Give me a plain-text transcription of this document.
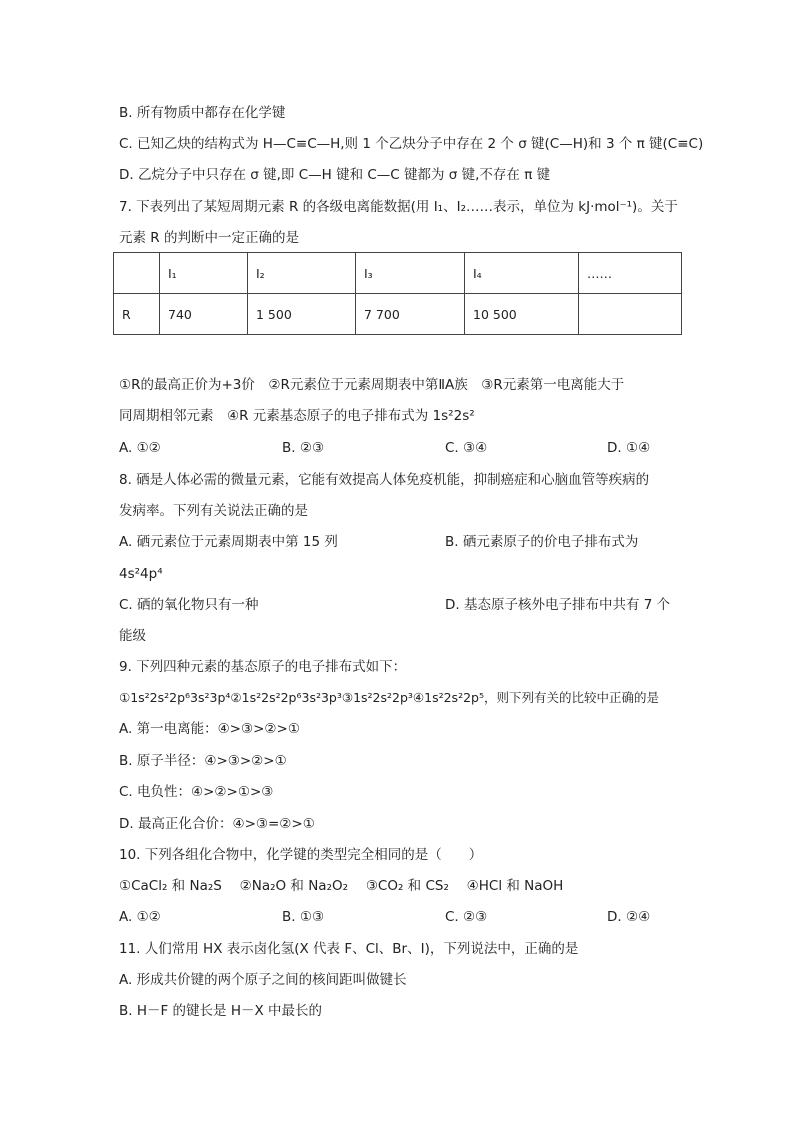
B. 所有物质中都存在化学键
C. 已知乙炔的结构式为 H—C≡C—H,则 1 个乙炔分子中存在 2 个 σ 键(C—H)和 3 个 π 键(C≡C)
D. 乙烷分子中只存在 σ 键,即 C—H 键和 C—C 键都为 σ 键,不存在 π 键
7. 下表列出了某短周期元素 R 的各级电离能数据(用 I₁、I₂……表示，单位为 kJ·mol⁻¹)。关于
元素 R 的判断中一定正确的是
	I₁	I₂	I₃	I₄	……
R	740	1 500	7 700	10 500	
①R的最高正价为+3价　②R元素位于元素周期表中第ⅡA族　③R元素第一电离能大于
同周期相邻元素　④R 元素基态原子的电子排布式为 1s²2s²
A. ①②	B. ②③	C. ③④	D. ①④
8. 硒是人体必需的微量元素，它能有效提高人体免疫机能，抑制癌症和心脑血管等疾病的
发病率。下列有关说法正确的是
A. 硒元素位于元素周期表中第 15 列	B. 硒元素原子的价电子排布式为
4s²4p⁴
C. 硒的氧化物只有一种	D. 基态原子核外电子排布中共有 7 个
能级
9. 下列四种元素的基态原子的电子排布式如下：
①1s²2s²2p⁶3s²3p⁴②1s²2s²2p⁶3s²3p³③1s²2s²2p³④1s²2s²2p⁵，则下列有关的比较中正确的是
A. 第一电离能：④>③>②>①
B. 原子半径：④>③>②>①
C. 电负性：④>②>①>③
D. 最高正化合价：④>③=②>①
10. 下列各组化合物中，化学键的类型完全相同的是（　　）
①CaCl₂ 和 Na₂S　 ②Na₂O 和 Na₂O₂　 ③CO₂ 和 CS₂　 ④HCl 和 NaOH
A. ①②	B. ①③	C. ②③	D. ②④
11. 人们常用 HX 表示卤化氢(X 代表 F、Cl、Br、I)，下列说法中，正确的是
A. 形成共价键的两个原子之间的核间距叫做键长
B. H－F 的键长是 H－X 中最长的
